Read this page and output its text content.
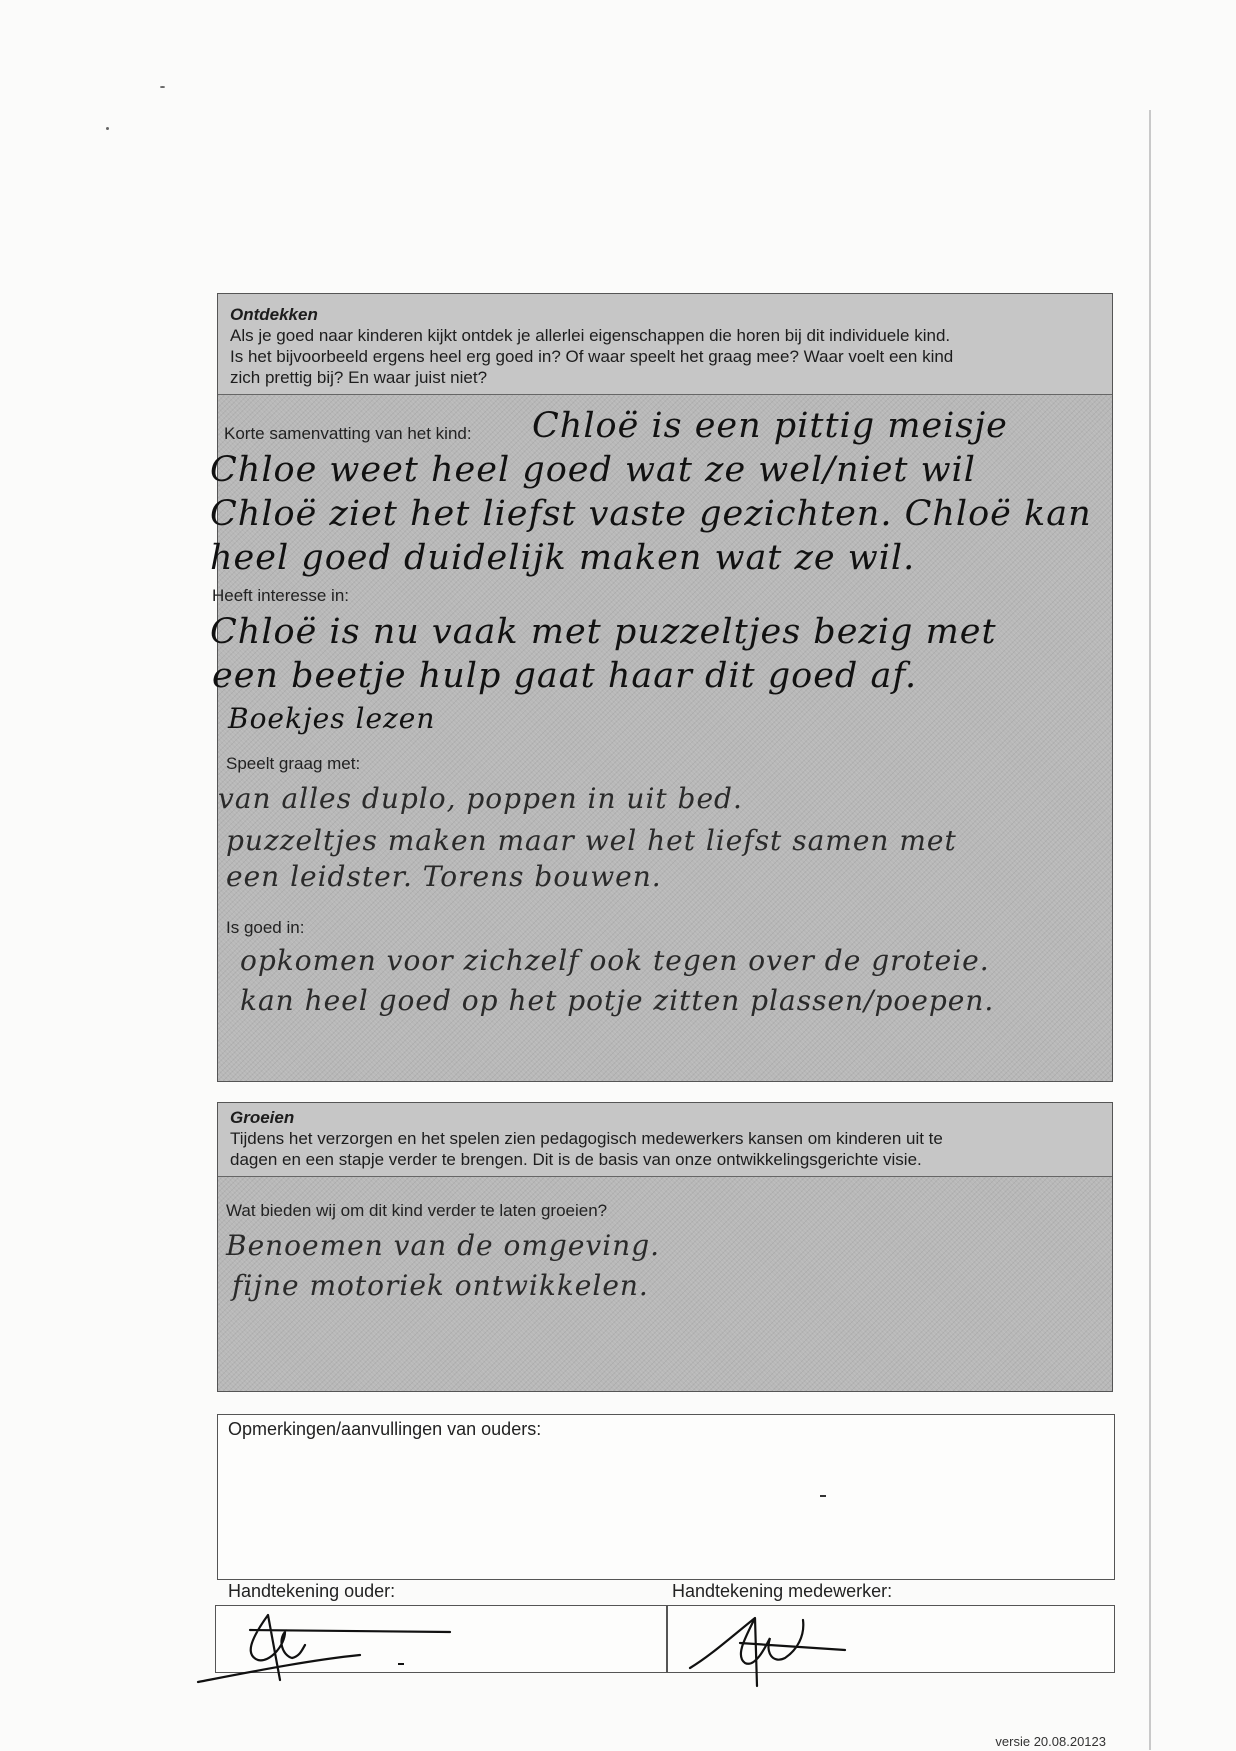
Ontdekken
Als je goed naar kinderen kijkt ontdek je allerlei eigenschappen die horen bij dit individuele kind.
Is het bijvoorbeeld ergens heel erg goed in? Of waar speelt het graag mee? Waar voelt een kind
zich prettig bij? En waar juist niet?
Korte samenvatting van het kind: Chloë is een pittig meisje
Chloe weet heel goed wat ze wel/niet wil
Chloë ziet het liefst vaste gezichten. Chloë kan
heel goed duidelijk maken wat ze wil.
Heeft interesse in:
Chloë is nu vaak met puzzeltjes bezig met
een beetje hulp gaat haar dit goed af.
Boekjes lezen
Speelt graag met:
van alles duplo, poppen in uit bed.
puzzeltjes maken maar wel het liefst samen met
een leidster. Torens bouwen.
Is goed in:
opkomen voor zichzelf ook tegen over de groteie.
kan heel goed op het potje zitten plassen/poepen.
Groeien
Tijdens het verzorgen en het spelen zien pedagogisch medewerkers kansen om kinderen uit te
dagen en een stapje verder te brengen. Dit is de basis van onze ontwikkelingsgerichte visie.
Wat bieden wij om dit kind verder te laten groeien?
Benoemen van de omgeving.
fijne motoriek ontwikkelen.
Opmerkingen/aanvullingen van ouders:
Handtekening ouder:	Handtekening medewerker:
versie 20.08.20123
